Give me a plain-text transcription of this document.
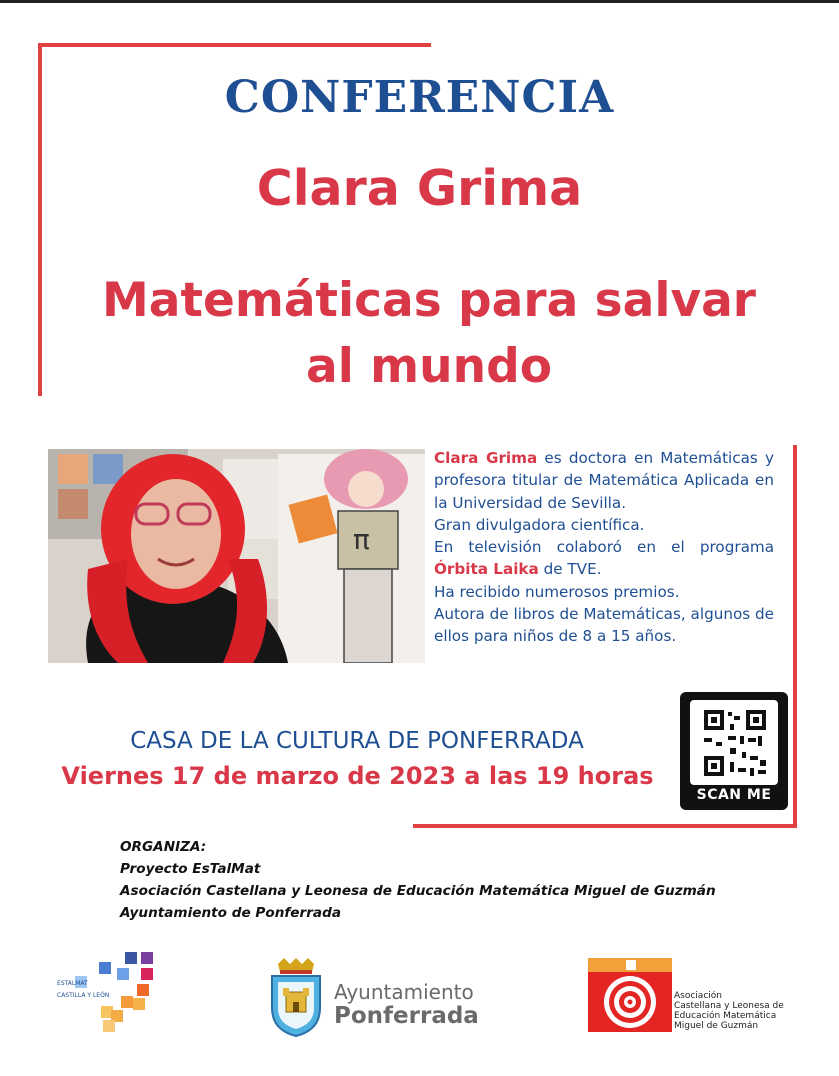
CONFERENCIA
Clara Grima
Matemáticas para salvar
al mundo
π

Clara Grima es doctora en Matemáticas y profesora titular de Matemática Aplicada en la Universidad de Sevilla.

Gran divulgadora científica.

En televisión colaboró en el programa Órbita Laika de TVE.

Ha recibido numerosos premios.

Autora de libros de Matemáticas, algunos de ellos para niños de 8 a 15 años.

SCAN ME
CASA DE LA CULTURA DE PONFERRADA
Viernes 17 de marzo de 2023 a las 19 horas
ORGANIZA:
Proyecto EsTalMat
Asociación Castellana y Leonesa de Educación Matemática Miguel de Guzmán
Ayuntamiento de Ponferrada
ESTALMAT
CASTILLA Y LEÓN	Ayuntamiento
Ponferrada
Asociación
Castellana y Leonesa de
Educación Matemática
Miguel de Guzmán
